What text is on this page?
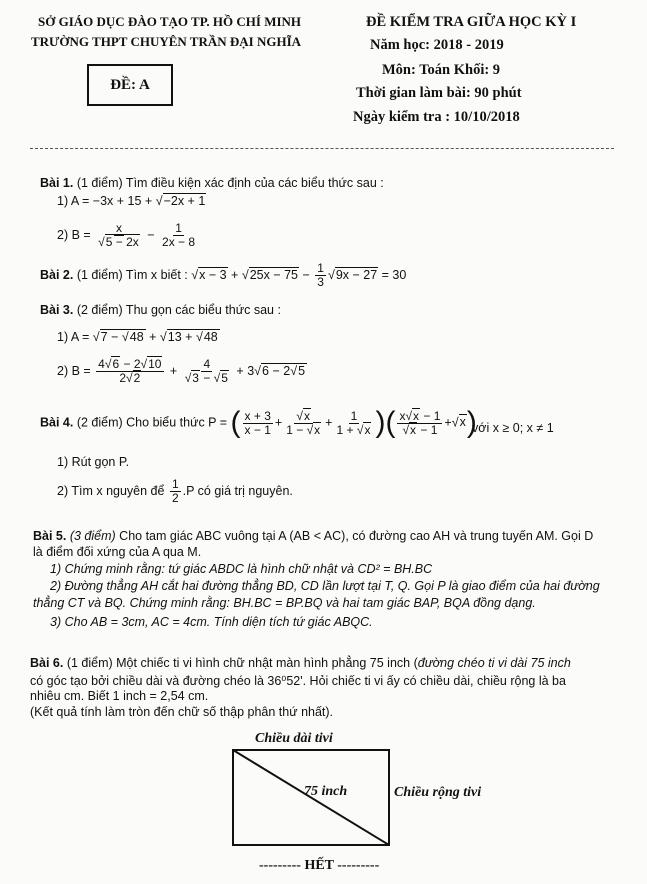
SỞ GIÁO DỤC ĐÀO TẠO TP. HỒ CHÍ MINH
TRƯỜNG THPT CHUYÊN TRẦN ĐẠI NGHĨA
ĐỀ: A
ĐỀ KIỂM TRA GIỮA HỌC KỲ I
Năm học: 2018 - 2019
Môn: Toán Khối: 9
Thời gian làm bài: 90 phút
Ngày kiểm tra : 10/10/2018
Bài 1. (1 điểm) Tìm điều kiện xác định của các biểu thức sau :
1) A = −3x + 15 + √−2x + 1
2) $B = \frac{x}{√5 - 2x} - \frac{1}{2x - 8}$
Bài 2. (1 điểm) Tìm x biết : $√x - 3 + √25x - 75 - \frac{1}{3} √9x - 27 = 30$
Bài 3. (2 điểm) Thu gọn các biểu thức sau :
1) A = √7 − √48 + √13 + √48
2) $B = \frac{4√6 - 2√10}{2√2} + \frac{4}{√3 - √5} + 3√6 - 2√5$
Bài 4. (2 điểm) Cho biểu thức P = ( $\frac{x + 3}{x - 1} + \frac{√x}{1 - √x} + \frac{1}{1 + √x}$ )( $\frac{x√x - 1}{√x - 1} +√x$)
với x ≥ 0; x ≠ 1
1) Rút gọn P.
2) Tìm x nguyên để $\frac{1}{2} .P$ có giá trị nguyên.
Bài 5. (3 điểm) Cho tam giác ABC vuông tại A (AB < AC), có đường cao AH và trung tuyến AM. Gọi D
là điểm đối xứng của A qua M.
1) Chứng minh rằng: tứ giác ABDC là hình chữ nhật và CD² = BH.BC
2) Đường thẳng AH cắt hai đường thẳng BD, CD lần lượt tại T, Q. Gọi P là giao điểm của hai đường
thẳng CT và BQ. Chứng minh rằng: BH.BC = BP.BQ và hai tam giác BAP, BQA đồng dạng.
3) Cho AB = 3cm, AC = 4cm. Tính diện tích tứ giác ABQC.
Bài 6. (1 điểm) Một chiếc ti vi hình chữ nhật màn hình phẳng 75 inch (đường chéo ti vi dài 75 inch
có góc tạo bởi chiều dài và đường chéo là 36⁰52'. Hỏi chiếc ti vi ấy có chiều dài, chiều rộng là ba
nhiêu cm. Biết 1 inch = 2,54 cm.
(Kết quả tính làm tròn đến chữ số thập phân thứ nhất).
Chiều dài tivi
75 inch	Chiều rộng tivi
--------- HẾT ---------
